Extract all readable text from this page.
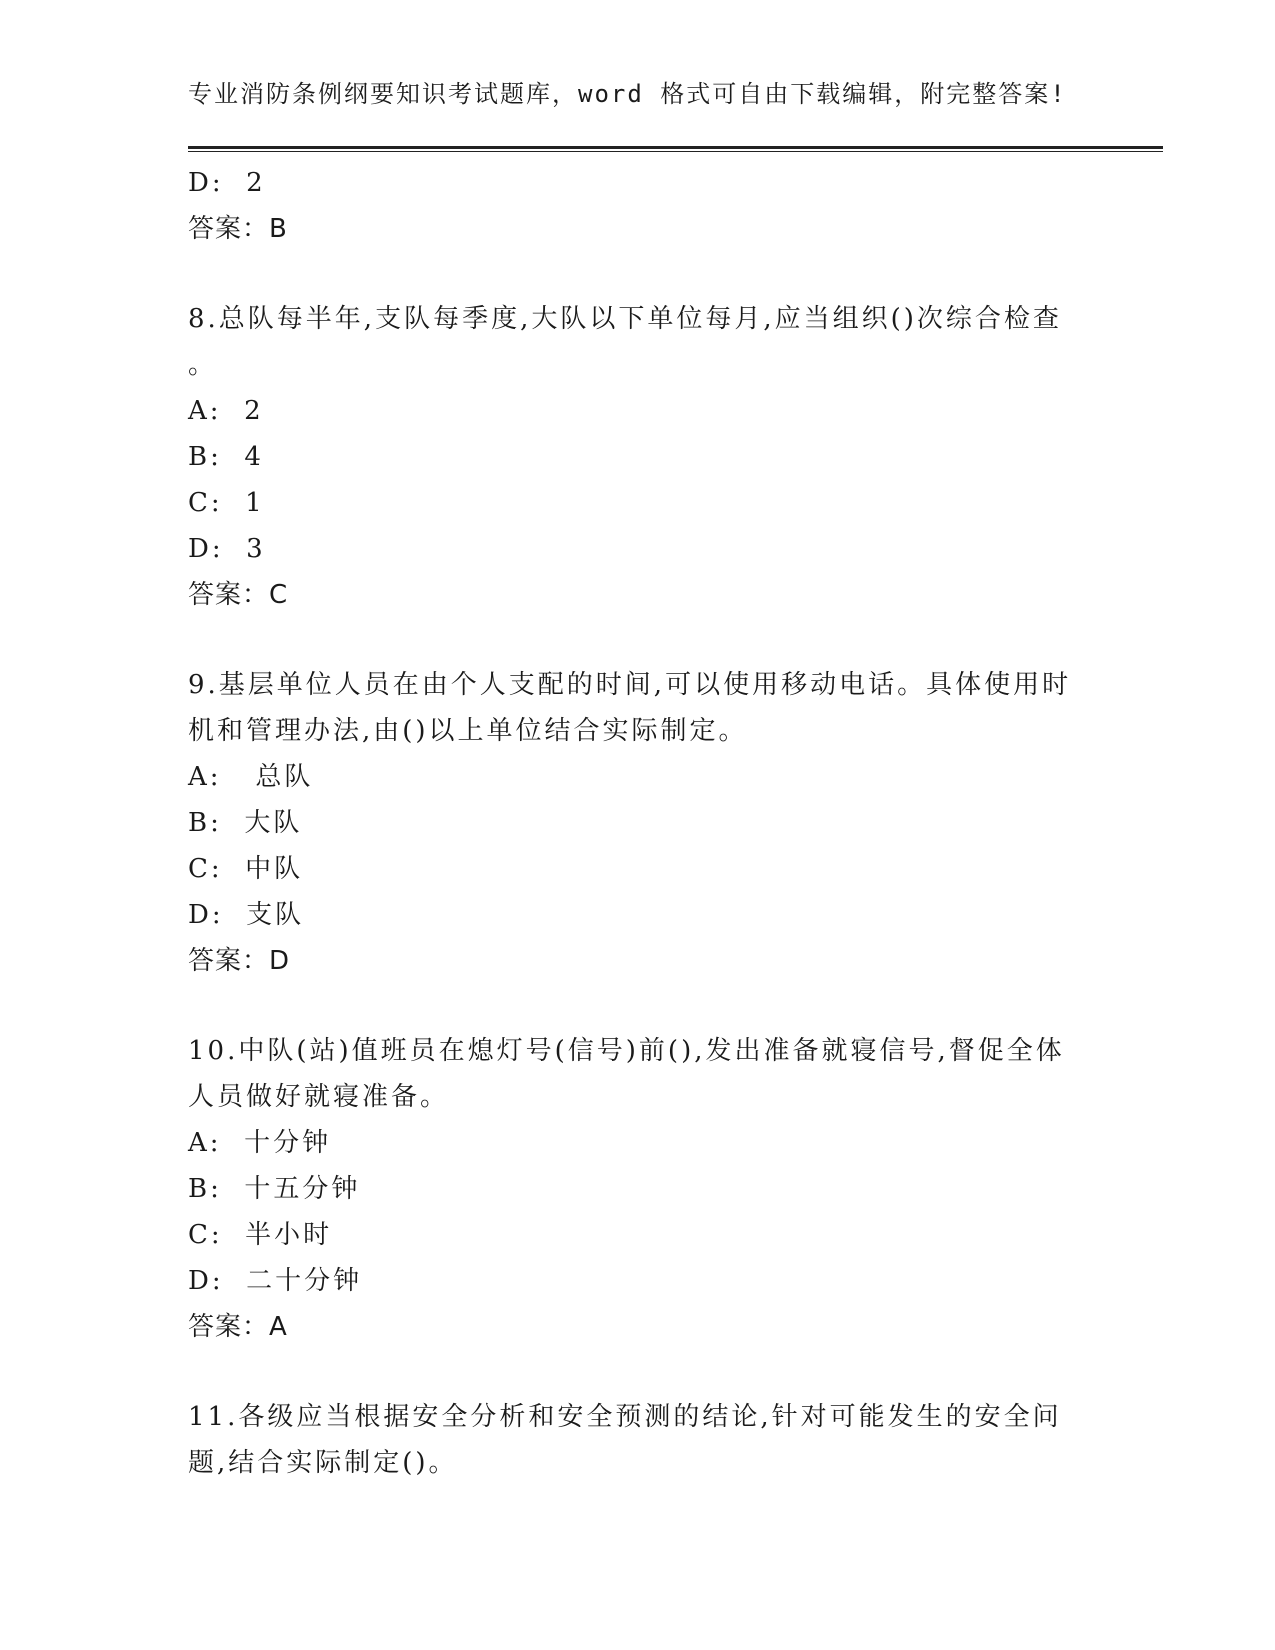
专业消防条例纲要知识考试题库，word 格式可自由下载编辑，附完整答案!
D:  2
答案：B
8.总队每半年,支队每季度,大队以下单位每月,应当组织()次综合检查
。
A:  2
B:  4
C:  1
D:  3
答案：C
9.基层单位人员在由个人支配的时间,可以使用移动电话。具体使用时
机和管理办法,由()以上单位结合实际制定。
A:   总队
B:  大队
C:  中队
D:  支队
答案：D
10.中队(站)值班员在熄灯号(信号)前(),发出准备就寝信号,督促全体
人员做好就寝准备。
A:  十分钟
B:  十五分钟
C:  半小时
D:  二十分钟
答案：A
11.各级应当根据安全分析和安全预测的结论,针对可能发生的安全问
题,结合实际制定()。
